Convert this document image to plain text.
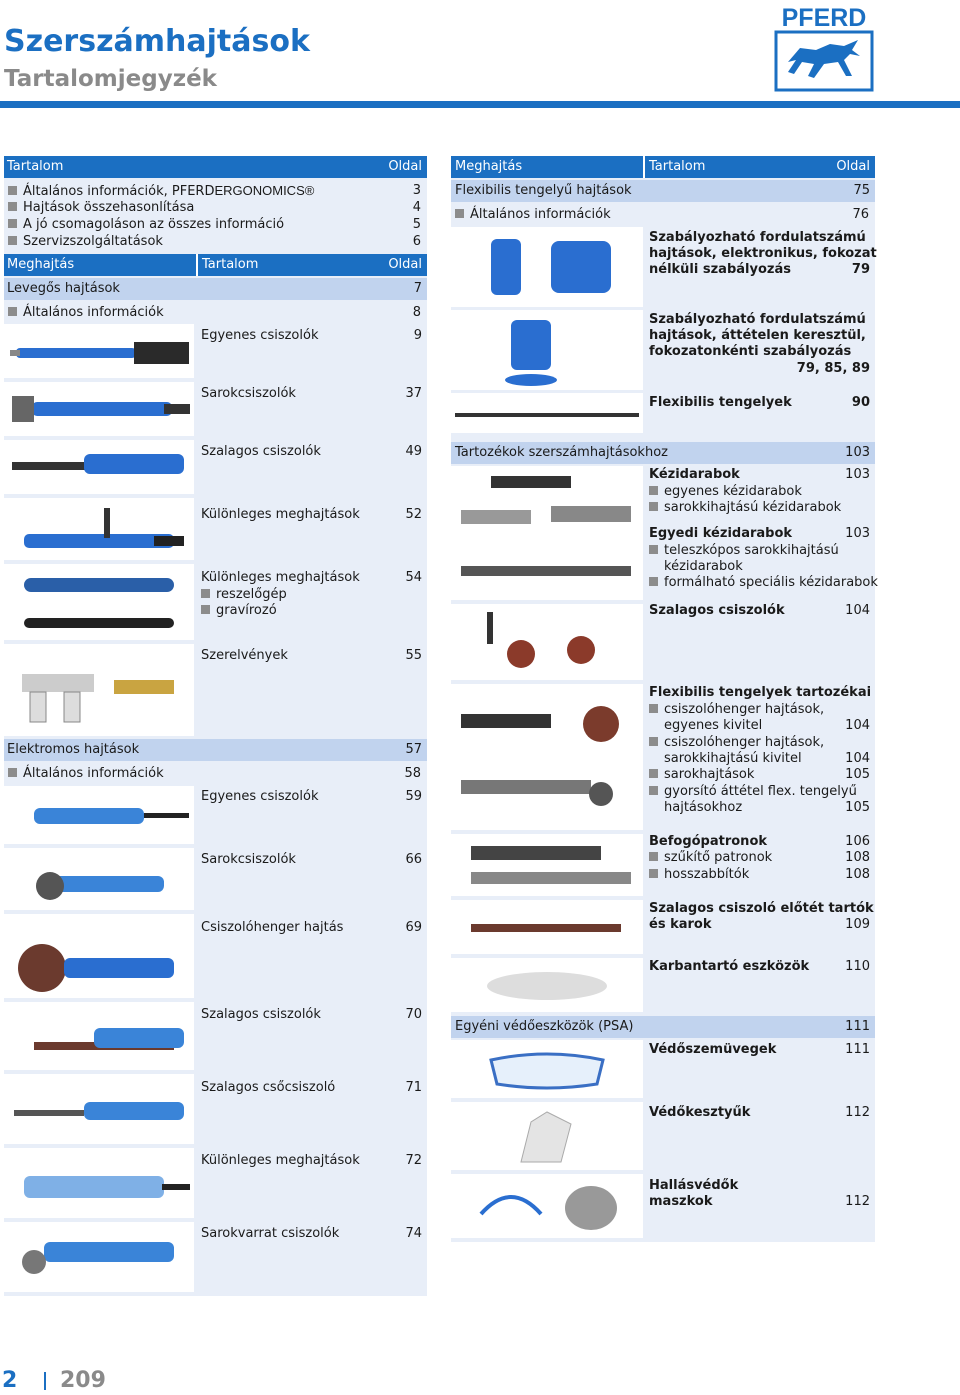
Szerszámhajtások
Tartalomjegyzék
PFERD
Tartalom	Oldal
Általános információk, PFERDERGONOMICS®	3
Hajtások összehasonlítása	4
A jó csomagoláson az összes információ	5
Szervizszolgáltatások	6
Meghajtás	Tartalom	Oldal
Levegős hajtások	7
Általános információk	8
Egyenes csiszolók	9
Sarokcsiszolók	37
Szalagos csiszolók	49
Különleges meghajtások	52
Különleges meghajtások	54
reszelőgép
gravírozó
Szerelvények	55
Elektromos hajtások	57
Általános információk	58
Egyenes csiszolók	59
Sarokcsiszolók	66
Csiszolóhenger hajtás	69
Szalagos csiszolók	70
Szalagos csőcsiszoló	71
Különleges meghajtások	72
Sarokvarrat csiszolók	74
Meghajtás	Tartalom	Oldal
Flexibilis tengelyű hajtások	75
Általános információk	76
Szabályozható fordulatszámú
hajtások, elektronikus, fokozat
nélküli szabályozás	79
Szabályozható fordulatszámú
hajtások, áttételen keresztül,
fokozatonkénti szabályozás
79, 85, 89
Flexibilis tengelyek	90
Tartozékok szerszámhajtásokhoz	103
Kézidarabok	103
egyenes kézidarabok
sarokkihajtású kézidarabok
Egyedi kézidarabok	103
teleszkópos sarokkihajtású
kézidarabok
formálható speciális kézidarabok
Szalagos csiszolók	104
Flexibilis tengelyek tartozékai
csiszolóhenger hajtások,
egyenes kivitel	104
csiszolóhenger hajtások,
sarokkihajtású kivitel	104
sarokhajtások	105
gyorsító áttétel flex. tengelyű
hajtásokhoz	105
Befogópatronok	106
szűkítő patronok	108
hosszabbítók	108
Szalagos csiszoló előtét tartók
és karok	109
Karbantartó eszközök	110
Egyéni védőeszközök (PSA)	111
Védőszemüvegek	111
Védőkesztyűk	112
Hallásvédők
maszkok	112
2 209
